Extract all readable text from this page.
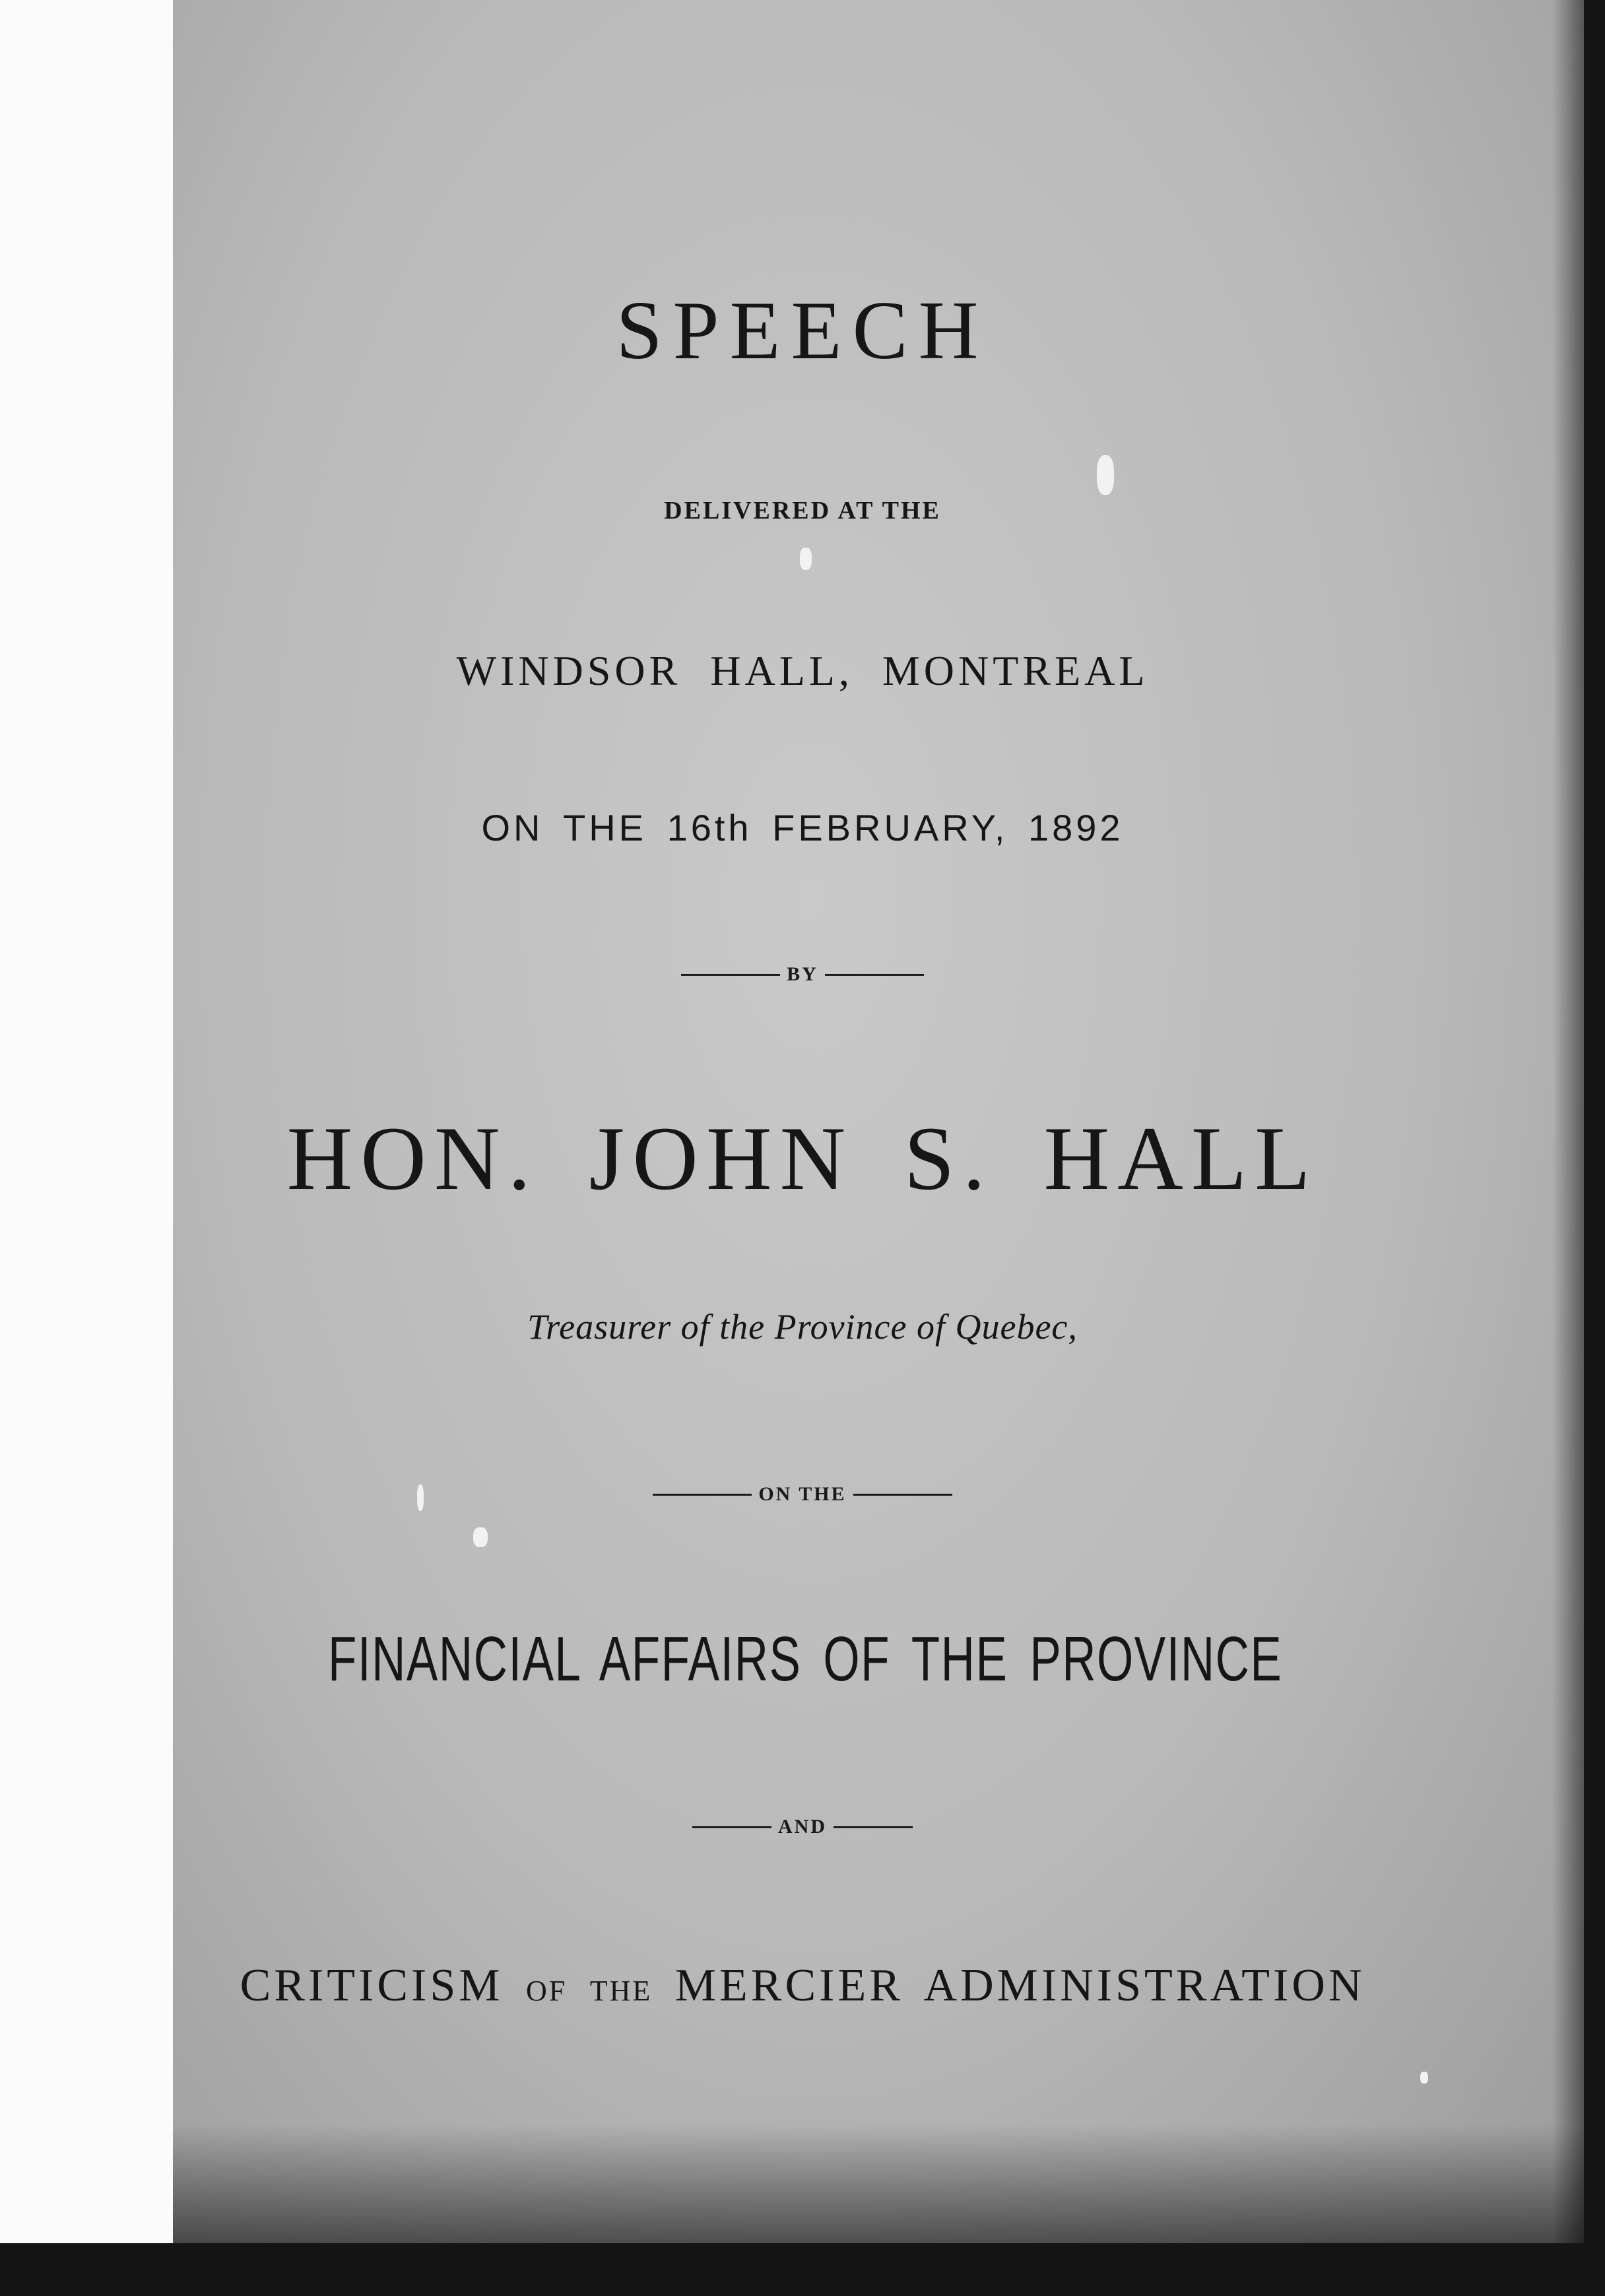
SPEECH
DELIVERED AT THE
WINDSOR HALL, MONTREAL
ON THE 16th FEBRUARY, 1892
BY
HON. JOHN S. HALL
Treasurer of the Province of Quebec,
ON THE
FINANCIAL AFFAIRS OF THE PROVINCE
AND
CRITICISM OF THE MERCIER ADMINISTRATION
